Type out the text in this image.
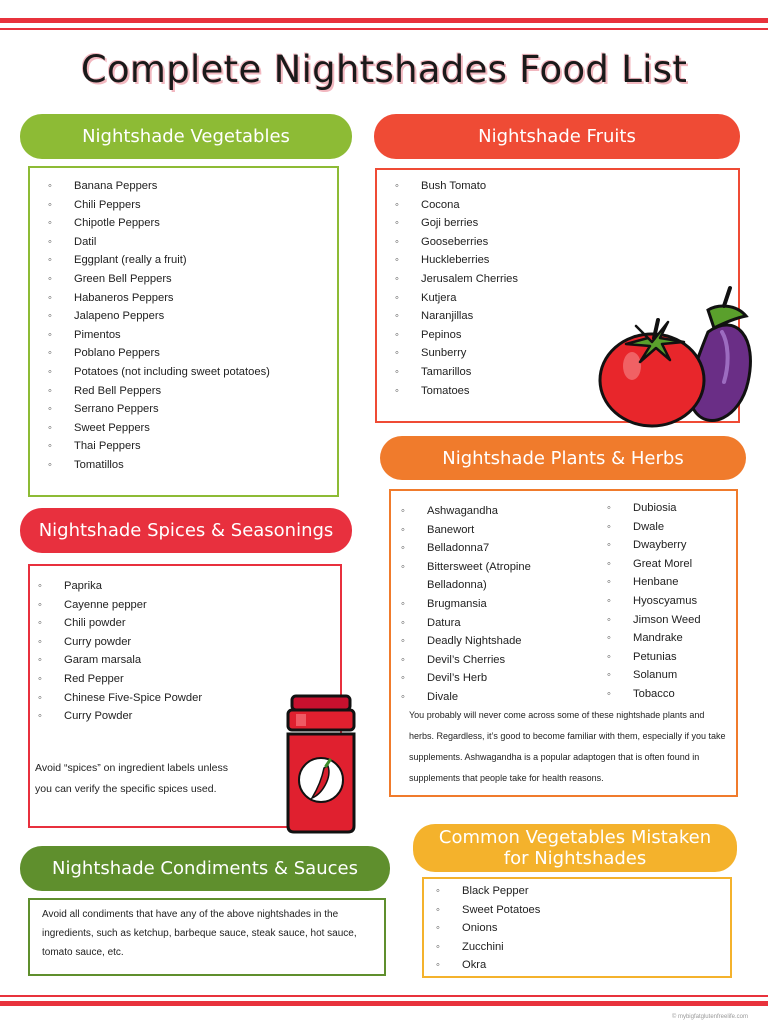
Complete Nightshades Food List
Nightshade Vegetables
◦ Banana Peppers
◦ Chili Peppers
◦ Chipotle Peppers
◦ Datil
◦ Eggplant (really a fruit)
◦ Green Bell Peppers
◦ Habaneros Peppers
◦ Jalapeno Peppers
◦ Pimentos
◦ Poblano Peppers
◦ Potatoes (not including sweet potatoes)
◦ Red Bell Peppers
◦ Serrano Peppers
◦ Sweet Peppers
◦ Thai Peppers
◦ Tomatillos
Nightshade Fruits
◦ Bush Tomato
◦ Cocona
◦ Goji berries
◦ Gooseberries
◦ Huckleberries
◦ Jerusalem Cherries
◦ Kutjera
◦ Naranjillas
◦ Pepinos
◦ Sunberry
◦ Tamarillos
◦ Tomatoes
Nightshade Plants & Herbs
◦ Ashwagandha
◦ Banewort
◦ Belladonna7
◦ Bittersweet (Atropine Belladonna)
◦ Brugmansia
◦ Datura
◦ Deadly Nightshade
◦ Devil’s Cherries
◦ Devil’s Herb
◦ Divale
◦ Dubiosia
◦ Dwale
◦ Dwayberry
◦ Great Morel
◦ Henbane
◦ Hyoscyamus
◦ Jimson Weed
◦ Mandrake
◦ Petunias
◦ Solanum
◦ Tobacco
You probably will never come across some of these nightshade plants and herbs. Regardless, it’s good to become familiar with them, especially if you take supplements. Ashwagandha is a popular adaptogen that is often found in supplements that people take for health reasons.
Nightshade Spices & Seasonings
◦ Paprika
◦ Cayenne pepper
◦ Chili powder
◦ Curry powder
◦ Garam marsala
◦ Red Pepper
◦ Chinese Five-Spice Powder
◦ Curry Powder
Avoid “spices” on ingredient labels unless
you can verify the specific spices used.
Nightshade Condiments & Sauces
Avoid all condiments that have any of the above nightshades in the ingredients, such as ketchup, barbeque sauce, steak sauce, hot sauce, tomato sauce, etc.
Common Vegetables Mistaken
for Nightshades
◦ Black Pepper
◦ Sweet Potatoes
◦ Onions
◦ Zucchini
◦ Okra
© mybigfatglutenfreelife.com
